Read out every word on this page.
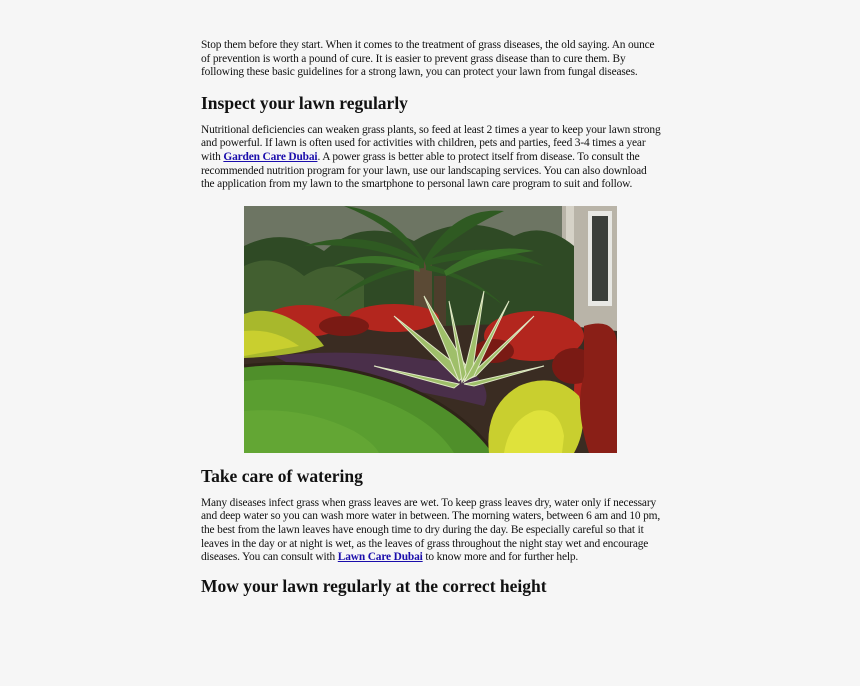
Stop them before they start. When it comes to the treatment of grass diseases, the old saying. An ounce of prevention is worth a pound of cure. It is easier to prevent grass disease than to cure them. By following these basic guidelines for a strong lawn, you can protect your lawn from fungal diseases.

Inspect your lawn regularly

Nutritional deficiencies can weaken grass plants, so feed at least 2 times a year to keep your lawn strong and powerful. If lawn is often used for activities with children, pets and parties, feed 3-4 times a year with Garden Care Dubai. A power grass is better able to protect itself from disease. To consult the recommended nutrition program for your lawn, use our landscaping services. You can also download the application from my lawn to the smartphone to personal lawn care program to suit and follow.

Take care of watering

Many diseases infect grass when grass leaves are wet. To keep grass leaves dry, water only if necessary and deep water so you can wash more water in between. The morning waters, between 6 am and 10 pm, the best from the lawn leaves have enough time to dry during the day. Be especially careful so that it leaves in the day or at night is wet, as the leaves of grass throughout the night stay wet and encourage diseases. You can consult with Lawn Care Dubai to know more and for further help.

Mow your lawn regularly at the correct height
